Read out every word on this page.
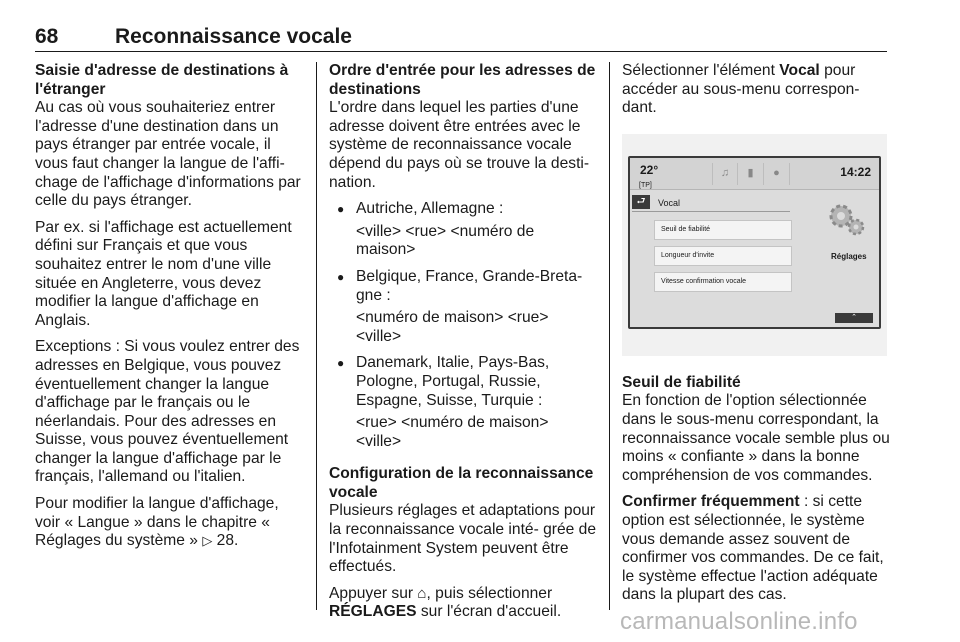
68	Reconnaissance vocale
Saisie d'adresse de destinations à l'étranger

Au cas où vous souhaiteriez entrer l'adresse d'une destination dans un pays étranger par entrée vocale, il vous faut changer la langue de l'affi- chage de l'affichage d'informations par celle du pays étranger.

Par ex. si l'affichage est actuellement défini sur Français et que vous souhaitez entrer le nom d'une ville située en Angleterre, vous devez modifier la langue d'affichage en Anglais.

Exceptions : Si vous voulez entrer des adresses en Belgique, vous pouvez éventuellement changer la langue d'affichage par le français ou le néerlandais. Pour des adresses en Suisse, vous pouvez éventuellement changer la langue d'affichage par le français, l'allemand ou l'italien.

Pour modifier la langue d'affichage, voir « Langue » dans le chapitre « Réglages du système » ▷ 28.

Ordre d'entrée pour les adresses de destinations

L'ordre dans lequel les parties d'une adresse doivent être entrées avec le système de reconnaissance vocale dépend du pays où se trouve la desti- nation.

● Autriche, Allemagne :
<ville> <rue> <numéro de maison>
● Belgique, France, Grande-Breta- gne :
<numéro de maison> <rue> <ville>
● Danemark, Italie, Pays-Bas, Pologne, Portugal, Russie, Espagne, Suisse, Turquie :
<rue> <numéro de maison> <ville>
Configuration de la reconnaissance vocale

Plusieurs réglages et adaptations pour la reconnaissance vocale inté- grée de l'Infotainment System peuvent être effectués.

Appuyer sur ⌂, puis sélectionner RÉGLAGES sur l'écran d'accueil.

Sélectionner l'élément Vocal pour accéder au sous-menu correspon- dant.

22°
[TP]
♫	▮	●	14:22
⮐	Vocal
Seuil de fiabilité
Longueur d'invite
Vitesse confirmation vocale
Réglages
⌃
Seuil de fiabilité

En fonction de l'option sélectionnée dans le sous-menu correspondant, la reconnaissance vocale semble plus ou moins « confiante » dans la bonne compréhension de vos commandes.

Confirmer fréquemment : si cette option est sélectionnée, le système vous demande assez souvent de confirmer vos commandes. De ce fait, le système effectue l'action adéquate dans la plupart des cas.

carmanualsonline.info
